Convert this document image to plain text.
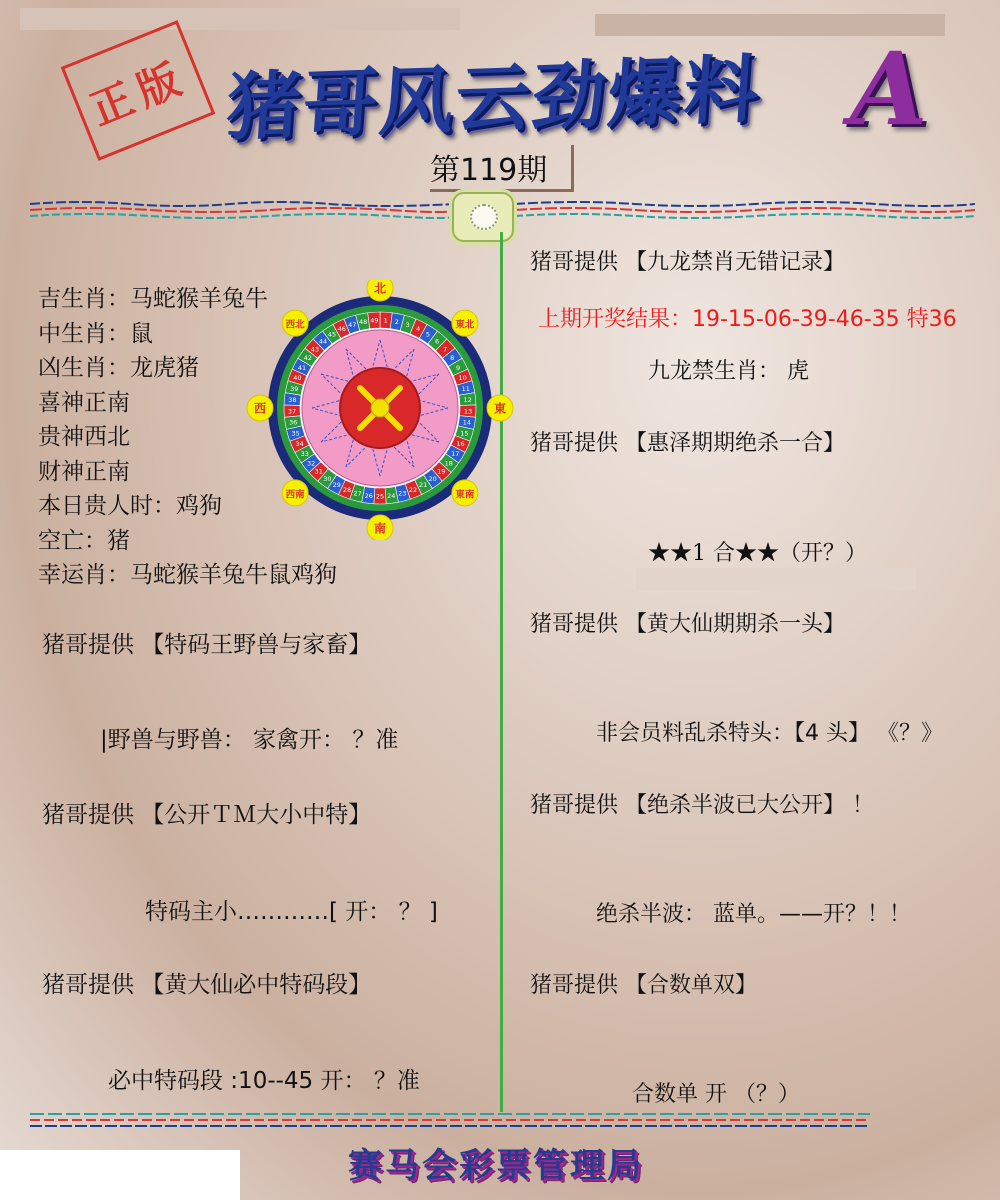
正版 猪哥风云劲爆料 A
第119期
吉生肖：马蛇猴羊兔牛
中生肖：鼠
凶生肖：龙虎猪
喜神正南
贵神西北
财神正南
本日贵人时：鸡狗
空亡：猪
幸运肖：马蛇猴羊兔牛鼠鸡狗
1 2 3
4
5
6
7
8
9
10
11
12
13
14
15
16
17
18
19
20
21
22
23
24
25
26
27
28
29
30
31
32
33
34
35
36
37
38
39
40
41
42
43
44
45
46
47 48 49
北
東北
東
東南
南
西南
西
西北
猪哥提供 【特码王野兽与家畜】
|野兽与野兽： 家禽开： ？准
猪哥提供 【公开ＴＭ大小中特】
特码主小…………[ 开： ？ ]
猪哥提供 【黄大仙必中特码段】
必中特码段 :10--45 开： ？准
猪哥提供 【九龙禁肖无错记录】
上期开奖结果：19-15-06-39-46-35 特36
九龙禁生肖： 虎
猪哥提供 【惠泽期期绝杀一合】
★★1 合★★（开？）
猪哥提供 【黄大仙期期杀一头】
非会员料乱杀特头：【4 头】 《？》
猪哥提供 【绝杀半波已大公开】 ！
绝杀半波： 蓝单。——开？！！
猪哥提供 【合数单双】
合数单 开 （？）
赛马会彩票管理局
